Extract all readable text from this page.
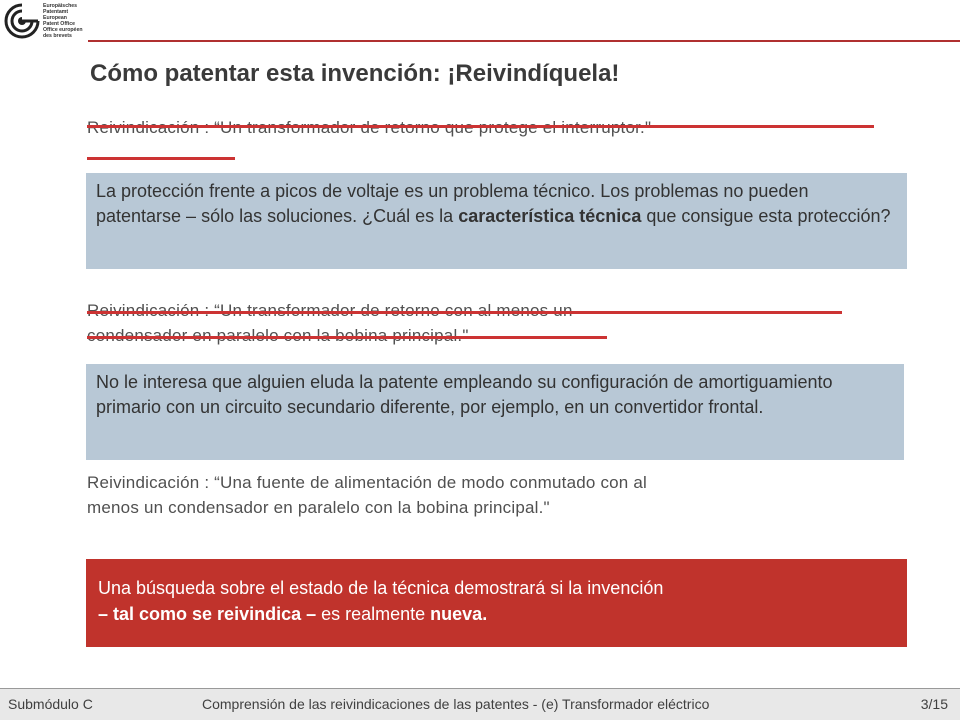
Europäisches
Patentamt
European
Patent Office
Office européen
des brevets
Cómo patentar esta invención: ¡Reivindíquela!
La protección frente a picos de voltaje es un problema técnico. Los problemas no pueden patentarse – sólo las soluciones. ¿Cuál es la característica técnica que consigue esta protección?
No le interesa que alguien eluda la patente empleando su configuración de amortiguamiento primario con un circuito secundario diferente, por ejemplo, en un convertidor frontal.
Reivindicación : “Una fuente de alimentación de modo conmutado con al
menos un condensador en paralelo con la bobina principal."
Una búsqueda sobre el estado de la técnica demostrará si la invención
– tal como se reivindica – es realmente nueva.
Submódulo C	Comprensión de las reivindicaciones de las patentes - (e) Transformador eléctrico	3/15
